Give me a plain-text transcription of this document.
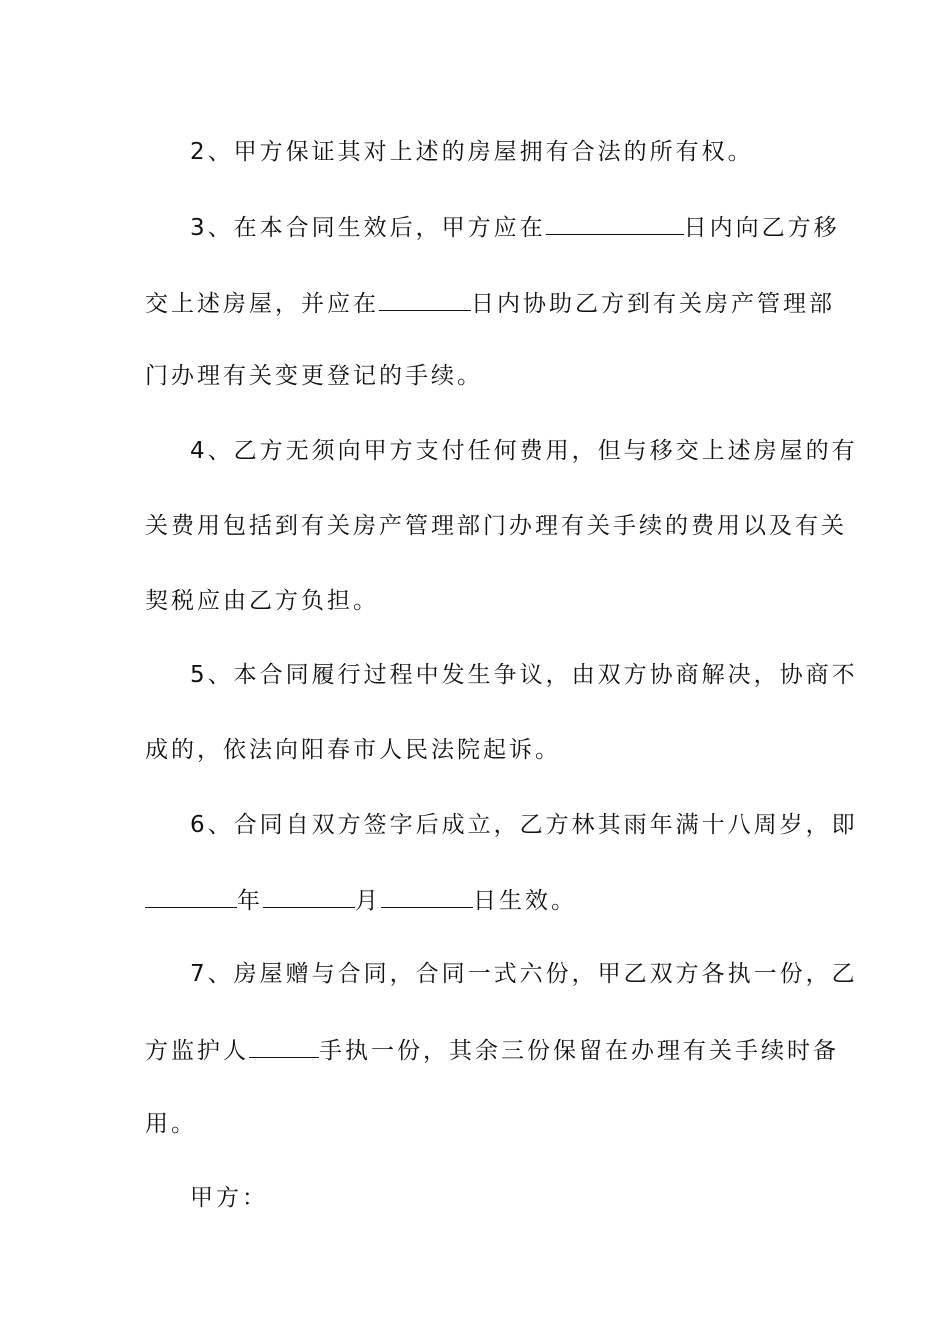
2、甲方保证其对上述的房屋拥有合法的所有权。
3、在本合同生效后，甲方应在	日内向乙方移
交上述房屋，并应在	日内协助乙方到有关房产管理部
门办理有关变更登记的手续。
4、乙方无须向甲方支付任何费用，但与移交上述房屋的有
关费用包括到有关房产管理部门办理有关手续的费用以及有关
契税应由乙方负担。
5、本合同履行过程中发生争议，由双方协商解决，协商不
成的，依法向阳春市人民法院起诉。
6、合同自双方签字后成立，乙方林其雨年满十八周岁，即
年	月	日生效。
7、房屋赠与合同，合同一式六份，甲乙双方各执一份，乙
方监护人	手执一份，其余三份保留在办理有关手续时备
用。
甲方：
